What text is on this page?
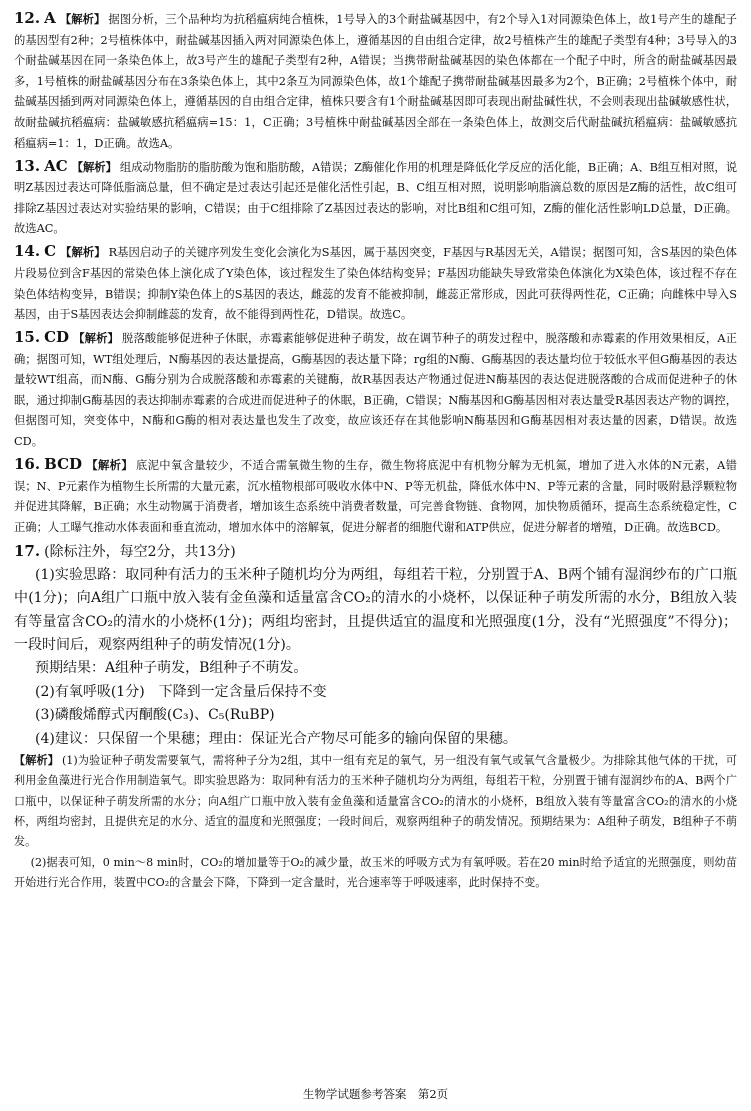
12. A 【解析】 据图分析，三个品种均为抗稻瘟病纯合植株，1号导入的3个耐盐碱基因中，有2个导入1对同源染色体上，故1号产生的雄配子的基因型有2种；2号植株体中，耐盐碱基因插入两对同源染色体上，遵循基因的自由组合定律，故2号植株产生的雄配子类型有4种；3号导入的3个耐盐碱基因在同一条染色体上，故3号产生的雄配子类型有2种，A错误；当携带耐盐碱基因的染色体都在一个配子中时，所含的耐盐碱基因最多，1号植株的耐盐碱基因分布在3条染色体上，其中2条互为同源染色体，故1个雄配子携带耐盐碱基因最多为2个，B正确；2号植株个体中，耐盐碱基因插到两对同源染色体上，遵循基因的自由组合定律，植株只要含有1个耐盐碱基因即可表现出耐盐碱性状，不会则表现出盐碱敏感性状，故耐盐碱抗稻瘟病：盐碱敏感抗稻瘟病=15：1，C正确；3号植株中耐盐碱基因全部在一条染色体上，故测交后代耐盐碱抗稻瘟病：盐碱敏感抗稻瘟病=1：1，D正确。故选A。
13. AC 【解析】 组成动物脂肪的脂肪酸为饱和脂肪酸，A错误；Z酶催化作用的机理是降低化学反应的活化能，B正确；A、B组互相对照，说明Z基因过表达可降低脂滴总量，但不确定是过表达引起还是催化活性引起，B、C组互相对照，说明影响脂滴总数的原因是Z酶的活性，故C组可排除Z基因过表达对实验结果的影响，C错误；由于C组排除了Z基因过表达的影响，对比B组和C组可知，Z酶的催化活性影响LD总量，D正确。故选AC。
14. C 【解析】 R基因启动子的关键序列发生变化会演化为S基因，属于基因突变，F基因与R基因无关，A错误；据图可知，含S基因的染色体片段易位到含F基因的常染色体上演化成了Y染色体，该过程发生了染色体结构变异；F基因功能缺失导致常染色体演化为X染色体，该过程不存在染色体结构变异，B错误；抑制Y染色体上的S基因的表达，雌蕊的发育不能被抑制，雌蕊正常形成，因此可获得两性花，C正确；向雌株中导入S基因，由于S基因表达会抑制雌蕊的发育，故不能得到两性花，D错误。故选C。
15. CD 【解析】 脱落酸能够促进种子休眠，赤霉素能够促进种子萌发，故在调节种子的萌发过程中，脱落酸和赤霉素的作用效果相反，A正确；据图可知，WT组处理后，N酶基因的表达量提高，G酶基因的表达量下降；rg组的N酶、G酶基因的表达量均位于较低水平但G酶基因的表达量较WT组高，而N酶、G酶分别为合成脱落酸和赤霉素的关键酶，故R基因表达产物通过促进N酶基因的表达促进脱落酸的合成而促进种子的休眠，通过抑制G酶基因的表达抑制赤霉素的合成进而促进种子的休眠，B正确，C错误；N酶基因和G酶基因相对表达量受R基因表达产物的调控，但据图可知，突变体中，N酶和G酶的相对表达量也发生了改变，故应该还存在其他影响N酶基因和G酶基因相对表达量的因素，D错误。故选CD。
16. BCD 【解析】 底泥中氧含量较少，不适合需氧微生物的生存，微生物将底泥中有机物分解为无机氮，增加了进入水体的N元素，A错误；N、P元素作为植物生长所需的大量元素，沉水植物根部可吸收水体中N、P等无机盐，降低水体中N、P等元素的含量，同时吸附悬浮颗粒物并促进其降解，B正确；水生动物属于消费者，增加该生态系统中消费者数量，可完善食物链、食物网，加快物质循环，提高生态系统稳定性，C正确；人工曝气推动水体表面和垂直流动，增加水体中的溶解氧，促进分解者的细胞代谢和ATP供应，促进分解者的增殖，D正确。故选BCD。
17. (除标注外，每空2分，共13分)
(1)实验思路：取同种有活力的玉米种子随机均分为两组，每组若干粒，分别置于A、B两个铺有湿润纱布的广口瓶中(1分)；向A组广口瓶中放入装有金鱼藻和适量富含CO₂的清水的小烧杯，以保证种子萌发所需的水分，B组放入装有等量富含CO₂的清水的小烧杯(1分)；两组均密封，且提供适宜的温度和光照强度(1分，没有“光照强度”不得分)；一段时间后，观察两组种子的萌发情况(1分)。
预期结果：A组种子萌发，B组种子不萌发。
(2)有氧呼吸(1分)　下降到一定含量后保持不变
(3)磷酸烯醇式丙酮酸(C₃)、C₅(RuBP)
(4)建议：只保留一个果穗；理由：保证光合产物尽可能多的输向保留的果穗。
【解析】 (1)为验证种子萌发需要氧气，需将种子分为2组，其中一组有充足的氧气，另一组没有氧气或氧气含量极少。为排除其他气体的干扰，可利用金鱼藻进行光合作用制造氧气。即实验思路为：取同种有活力的玉米种子随机均分为两组，每组若干粒，分别置于铺有湿润纱布的A、B两个广口瓶中，以保证种子萌发所需的水分；向A组广口瓶中放入装有金鱼藻和适量富含CO₂的清水的小烧杯，B组放入装有等量富含CO₂的清水的小烧杯，两组均密封，且提供充足的水分、适宜的温度和光照强度；一段时间后，观察两组种子的萌发情况。预期结果为：A组种子萌发，B组种子不萌发。
(2)据表可知，0 min～8 min时，CO₂的增加量等于O₂的减少量，故玉米的呼吸方式为有氧呼吸。若在20 min时给予适宜的光照强度，则幼苗开始进行光合作用，装置中CO₂的含量会下降，下降到一定含量时，光合速率等于呼吸速率，此时保持不变。
生物学试题参考答案　第2页
